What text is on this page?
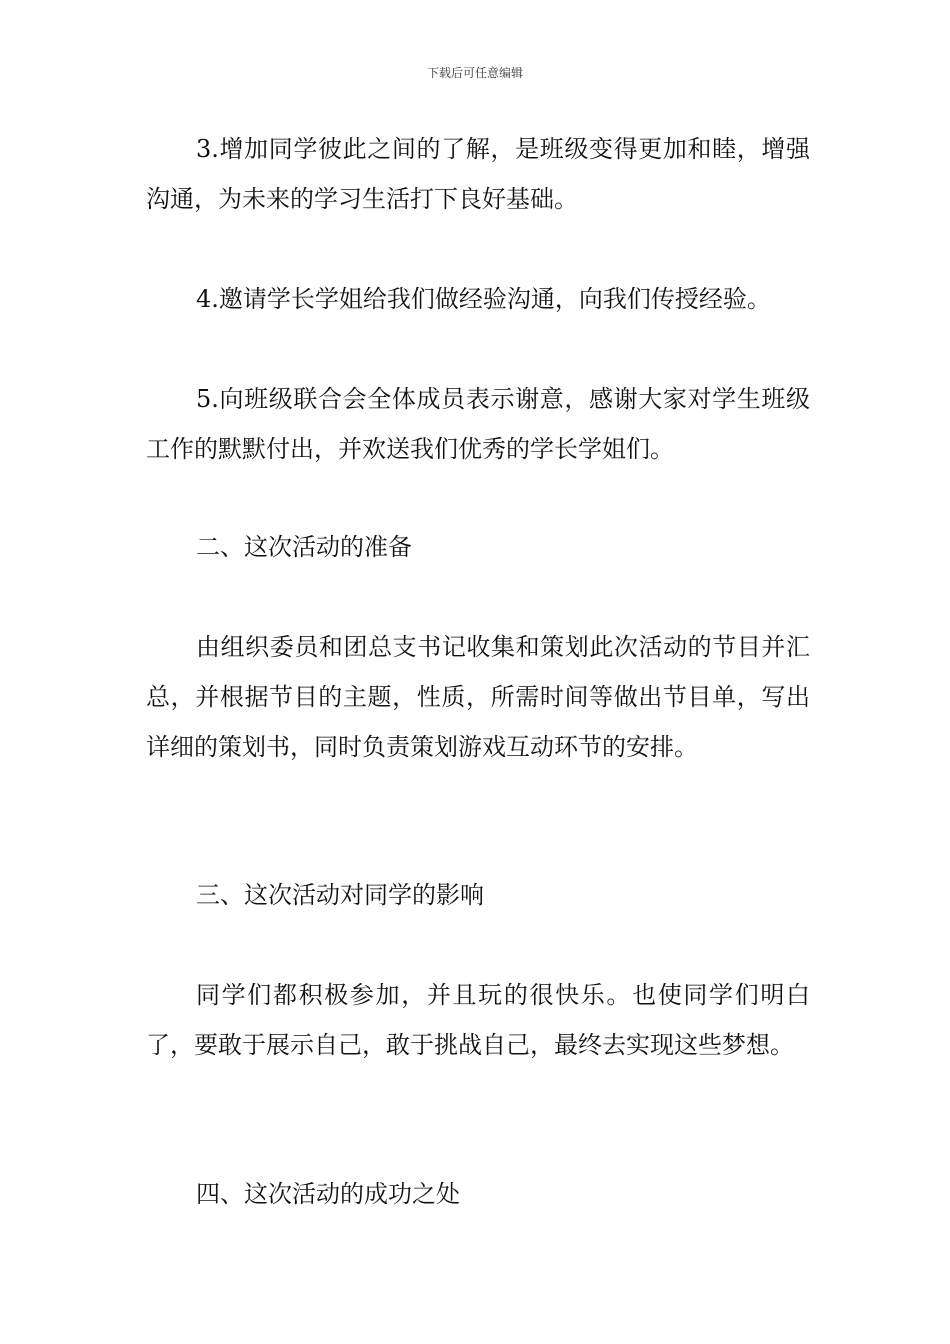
下载后可任意编辑

3.增加同学彼此之间的了解，是班级变得更加和睦，增强沟通，为未来的学习生活打下良好基础。

4.邀请学长学姐给我们做经验沟通，向我们传授经验。

5.向班级联合会全体成员表示谢意，感谢大家对学生班级工作的默默付出，并欢送我们优秀的学长学姐们。

二、这次活动的准备

由组织委员和团总支书记收集和策划此次活动的节目并汇总，并根据节目的主题，性质，所需时间等做出节目单，写出详细的策划书，同时负责策划游戏互动环节的安排。

三、这次活动对同学的影响

同学们都积极参加，并且玩的很快乐。也使同学们明白了，要敢于展示自己，敢于挑战自己，最终去实现这些梦想。

四、这次活动的成功之处
